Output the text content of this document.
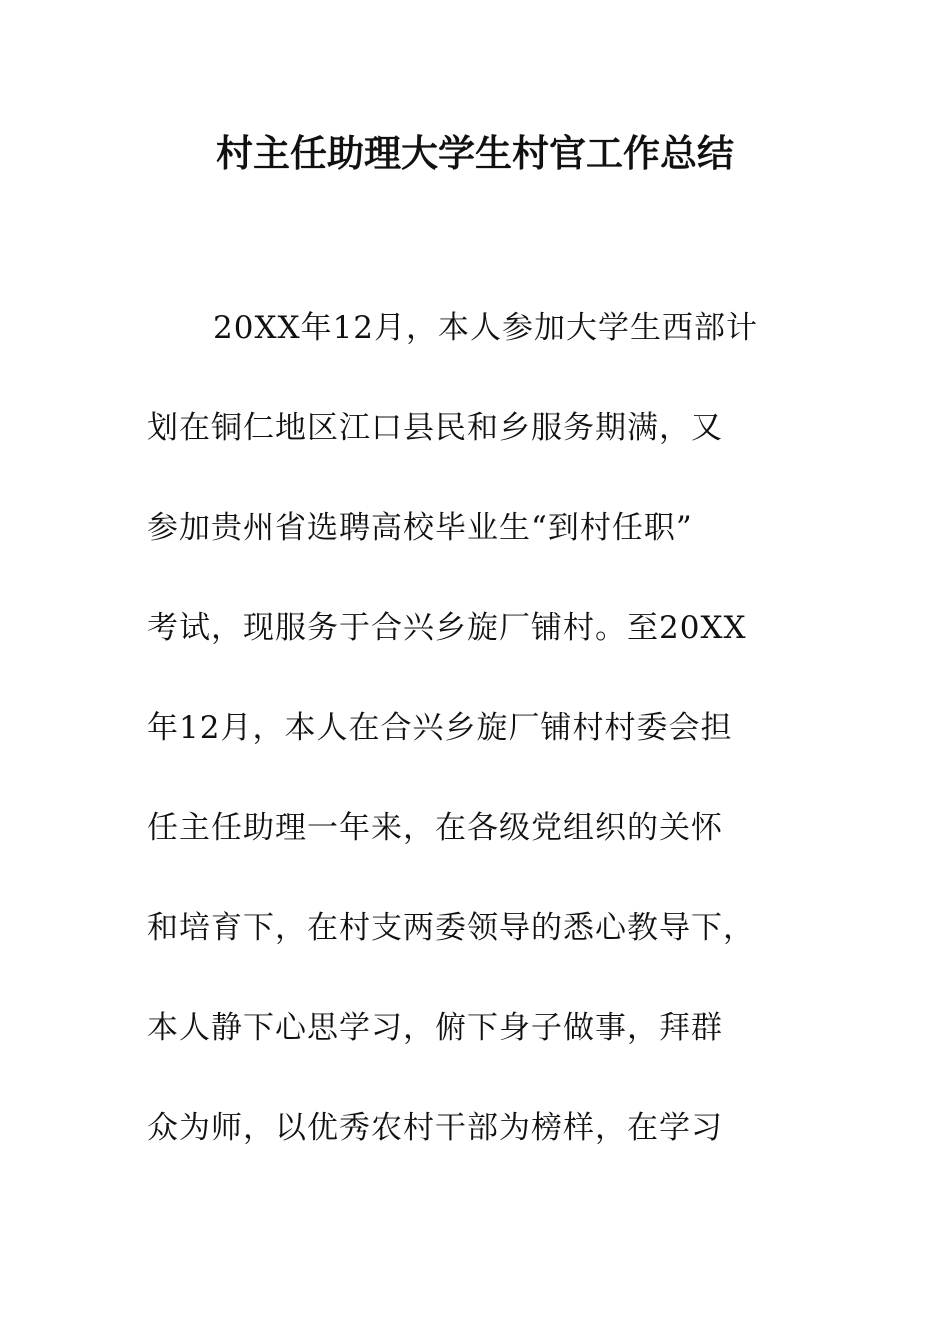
村主任助理大学生村官工作总结
20XX年12月，本人参加大学生西部计
划在铜仁地区江口县民和乡服务期满，又
参加贵州省选聘高校毕业生“到村任职”
考试，现服务于合兴乡旋厂铺村。至20XX
年12月，本人在合兴乡旋厂铺村村委会担
任主任助理一年来，在各级党组织的关怀
和培育下，在村支两委领导的悉心教导下，
本人静下心思学习，俯下身子做事，拜群
众为师，以优秀农村干部为榜样，在学习
